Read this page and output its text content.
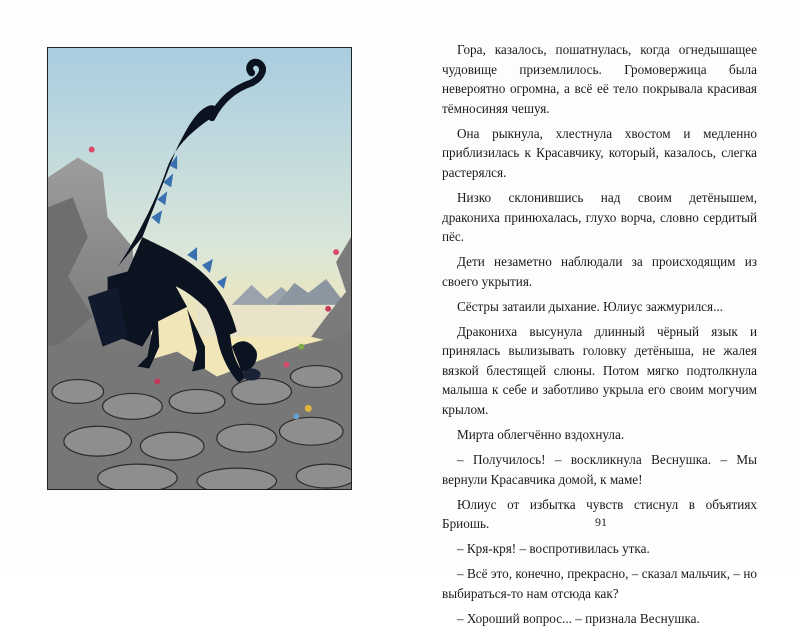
Гора, казалось, пошатнулась, когда огнедышащее чудовище приземлилось. Громовержица была невероятно огромна, а всё её тело покрывала красивая тёмносиняя чешуя.

Она рыкнула, хлестнула хвостом и медленно приблизилась к Красавчику, который, казалось, слегка растерялся.

Низко склонившись над своим детёнышем, дракониха принюхалась, глухо ворча, словно сердитый пёс.

Дети незаметно наблюдали за происходящим из своего укрытия.

Сёстры затаили дыхание. Юлиус зажмурился...

Дракониха высунула длинный чёрный язык и принялась вылизывать головку детёныша, не жалея вязкой блестящей слюны. Потом мягко подтолкнула малыша к себе и заботливо укрыла его своим могучим крылом.

Мирта облегчённо вздохнула.

– Получилось! – воскликнула Веснушка. – Мы вернули Красавчика домой, к маме!

Юлиус от избытка чувств стиснул в объятиях Бриошь.

– Кря-кря! – воспротивилась утка.

– Всё это, конечно, прекрасно, – сказал мальчик, – но выбираться-то нам отсюда как?

– Хороший вопрос... – признала Веснушка.

91
